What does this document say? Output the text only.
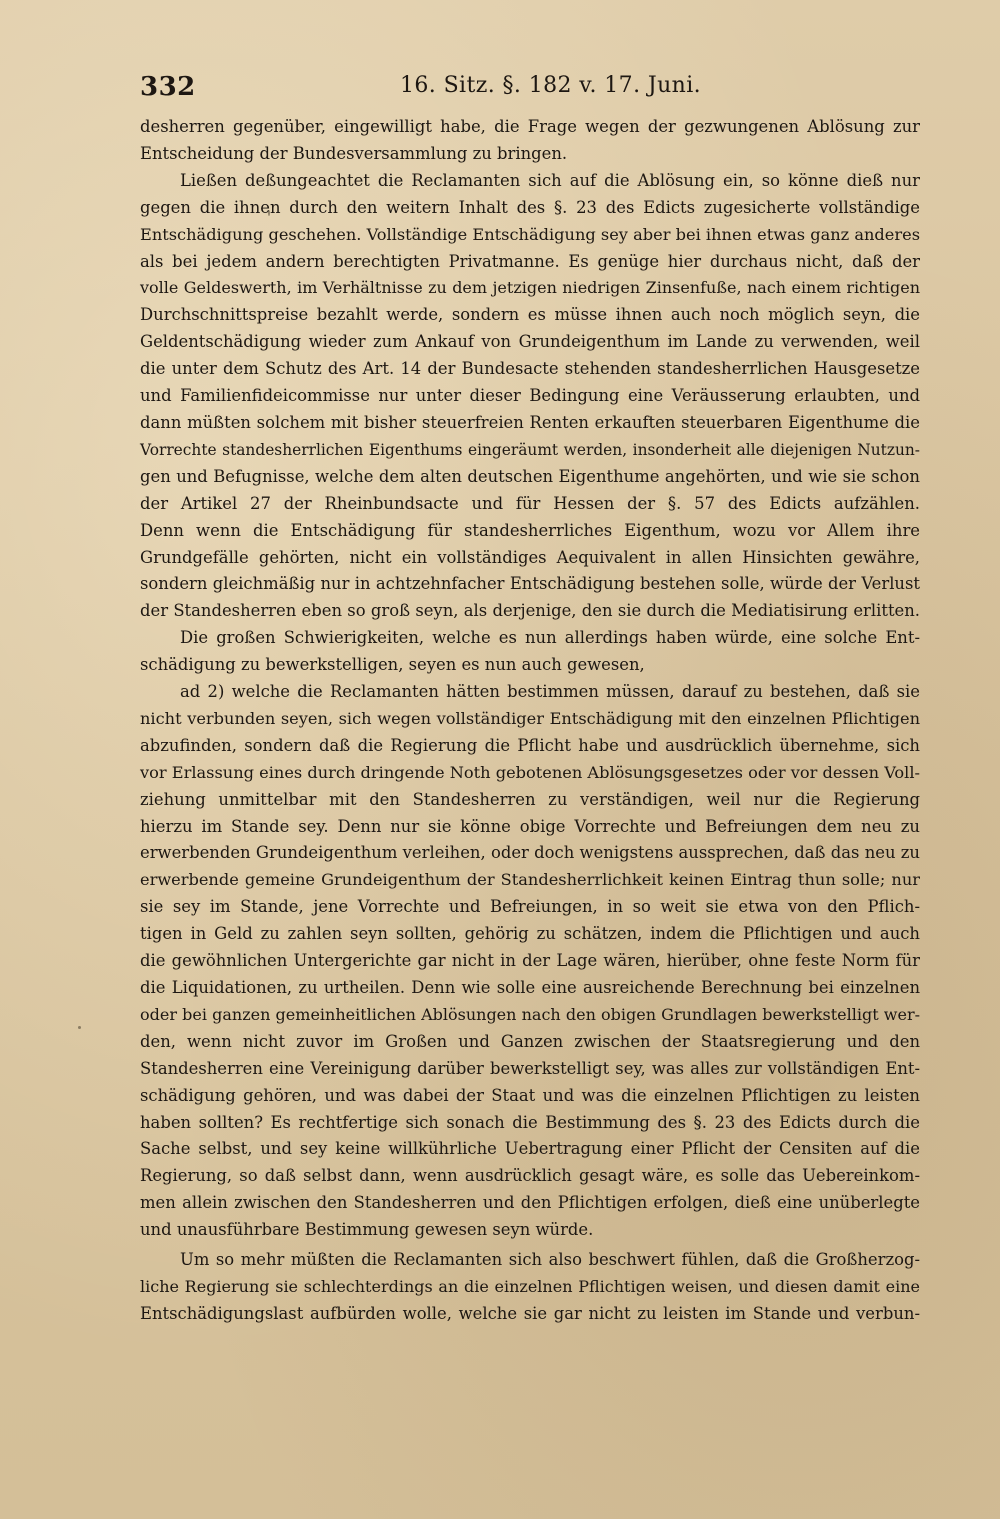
332	16. Sitz. §. 182 v. 17. Juni.

desherren gegenüber, eingewilligt habe, die Frage wegen der gezwungenen Ablösung zur

Entscheidung der Bundesversammlung zu bringen.

Ließen deßungeachtet die Reclamanten sich auf die Ablösung ein, so könne dieß nur

gegen die ihnen durch den weitern Inhalt des §. 23 des Edicts zugesicherte vollständige

Entschädigung geschehen. Vollständige Entschädigung sey aber bei ihnen etwas ganz anderes

als bei jedem andern berechtigten Privatmanne. Es genüge hier durchaus nicht, daß der

volle Geldeswerth, im Verhältnisse zu dem jetzigen niedrigen Zinsenfuße, nach einem richtigen

Durchschnittspreise bezahlt werde, sondern es müsse ihnen auch noch möglich seyn, die

Geldentschädigung wieder zum Ankauf von Grundeigenthum im Lande zu verwenden, weil

die unter dem Schutz des Art. 14 der Bundesacte stehenden standesherrlichen Hausgesetze

und Familienfideicommisse nur unter dieser Bedingung eine Veräusserung erlaubten, und

dann müßten solchem mit bisher steuerfreien Renten erkauften steuerbaren Eigenthume die

Vorrechte standesherrlichen Eigenthums eingeräumt werden, insonderheit alle diejenigen Nutzun-

gen und Befugnisse, welche dem alten deutschen Eigenthume angehörten, und wie sie schon

der Artikel 27 der Rheinbundsacte und für Hessen der §. 57 des Edicts aufzählen.

Denn wenn die Entschädigung für standesherrliches Eigenthum, wozu vor Allem ihre

Grundgefälle gehörten, nicht ein vollständiges Aequivalent in allen Hinsichten gewähre,

sondern gleichmäßig nur in achtzehnfacher Entschädigung bestehen solle, würde der Verlust

der Standesherren eben so groß seyn, als derjenige, den sie durch die Mediatisirung erlitten.

Die großen Schwierigkeiten, welche es nun allerdings haben würde, eine solche Ent-

schädigung zu bewerkstelligen, seyen es nun auch gewesen,

ad 2) welche die Reclamanten hätten bestimmen müssen, darauf zu bestehen, daß sie

nicht verbunden seyen, sich wegen vollständiger Entschädigung mit den einzelnen Pflichtigen

abzufinden, sondern daß die Regierung die Pflicht habe und ausdrücklich übernehme, sich

vor Erlassung eines durch dringende Noth gebotenen Ablösungsgesetzes oder vor dessen Voll-

ziehung unmittelbar mit den Standesherren zu verständigen, weil nur die Regierung

hierzu im Stande sey. Denn nur sie könne obige Vorrechte und Befreiungen dem neu zu

erwerbenden Grundeigenthum verleihen, oder doch wenigstens aussprechen, daß das neu zu

erwerbende gemeine Grundeigenthum der Standesherrlichkeit keinen Eintrag thun solle; nur

sie sey im Stande, jene Vorrechte und Befreiungen, in so weit sie etwa von den Pflich-

tigen in Geld zu zahlen seyn sollten, gehörig zu schätzen, indem die Pflichtigen und auch

die gewöhnlichen Untergerichte gar nicht in der Lage wären, hierüber, ohne feste Norm für

die Liquidationen, zu urtheilen. Denn wie solle eine ausreichende Berechnung bei einzelnen

oder bei ganzen gemeinheitlichen Ablösungen nach den obigen Grundlagen bewerkstelligt wer-

den, wenn nicht zuvor im Großen und Ganzen zwischen der Staatsregierung und den

Standesherren eine Vereinigung darüber bewerkstelligt sey, was alles zur vollständigen Ent-

schädigung gehören, und was dabei der Staat und was die einzelnen Pflichtigen zu leisten

haben sollten? Es rechtfertige sich sonach die Bestimmung des §. 23 des Edicts durch die

Sache selbst, und sey keine willkührliche Uebertragung einer Pflicht der Censiten auf die

Regierung, so daß selbst dann, wenn ausdrücklich gesagt wäre, es solle das Uebereinkom-

men allein zwischen den Standesherren und den Pflichtigen erfolgen, dieß eine unüberlegte

und unausführbare Bestimmung gewesen seyn würde.

Um so mehr müßten die Reclamanten sich also beschwert fühlen, daß die Großherzog-

liche Regierung sie schlechterdings an die einzelnen Pflichtigen weisen, und diesen damit eine

Entschädigungslast aufbürden wolle, welche sie gar nicht zu leisten im Stande und verbun-
